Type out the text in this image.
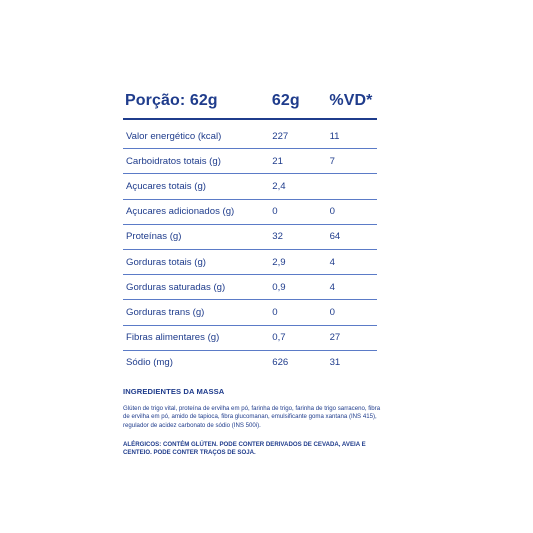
Porção: 62g	62g	%VD*
Valor energético (kcal)	227	11
Carboidratos totais (g)	21	7
Açucares totais (g)	2,4
Açucares adicionados (g)	0	0
Proteínas (g)	32	64
Gorduras totais (g)	2,9	4
Gorduras saturadas (g)	0,9	4
Gorduras trans (g)	0	0
Fibras alimentares (g)	0,7	27
Sódio (mg)	626	31
INGREDIENTES DA MASSA
Glúten de trigo vital, proteína de ervilha em pó, farinha de trigo, farinha de trigo sarraceno, fibra de ervilha em pó, amido de tapioca, fibra glucomanan, emulsificante goma xantana (INS 415), regulador de acidez carbonato de sódio (INS 500i).
ALÉRGICOS: CONTÉM GLÚTEN. PODE CONTER DERIVADOS DE CEVADA, AVEIA E CENTEIO. PODE CONTER TRAÇOS DE SOJA.
